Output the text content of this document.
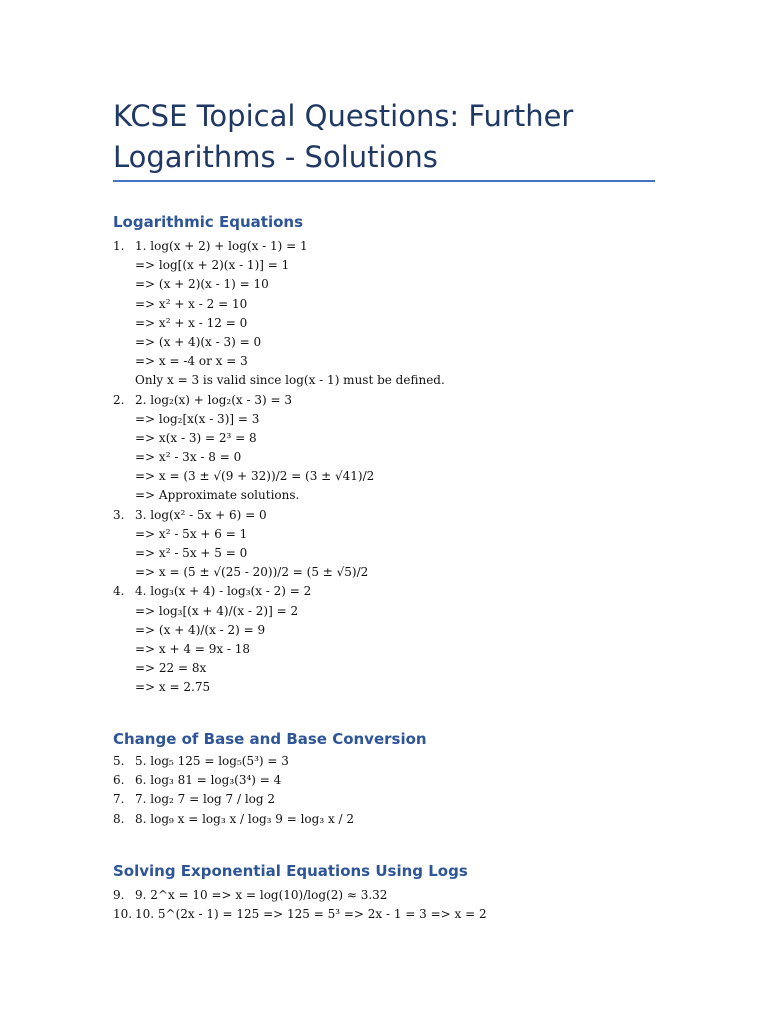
KCSE Topical Questions: Further
Logarithms - Solutions
Logarithmic Equations
1. 1. log(x + 2) + log(x - 1) = 1
=> log[(x + 2)(x - 1)] = 1
=> (x + 2)(x - 1) = 10
=> x² + x - 2 = 10
=> x² + x - 12 = 0
=> (x + 4)(x - 3) = 0
=> x = -4 or x = 3
Only x = 3 is valid since log(x - 1) must be defined.
2. 2. log₂(x) + log₂(x - 3) = 3
=> log₂[x(x - 3)] = 3
=> x(x - 3) = 2³ = 8
=> x² - 3x - 8 = 0
=> x = (3 ± √(9 + 32))/2 = (3 ± √41)/2
=> Approximate solutions.
3. 3. log(x² - 5x + 6) = 0
=> x² - 5x + 6 = 1
=> x² - 5x + 5 = 0
=> x = (5 ± √(25 - 20))/2 = (5 ± √5)/2
4. 4. log₃(x + 4) - log₃(x - 2) = 2
=> log₃[(x + 4)/(x - 2)] = 2
=> (x + 4)/(x - 2) = 9
=> x + 4 = 9x - 18
=> 22 = 8x
=> x = 2.75
Change of Base and Base Conversion
5. 5. log₅ 125 = log₅(5³) = 3
6. 6. log₃ 81 = log₃(3⁴) = 4
7. 7. log₂ 7 = log 7 / log 2
8. 8. log₉ x = log₃ x / log₃ 9 = log₃ x / 2
Solving Exponential Equations Using Logs
9. 9. 2^x = 10 => x = log(10)/log(2) ≈ 3.32
10. 10. 5^(2x - 1) = 125 => 125 = 5³ => 2x - 1 = 3 => x = 2
